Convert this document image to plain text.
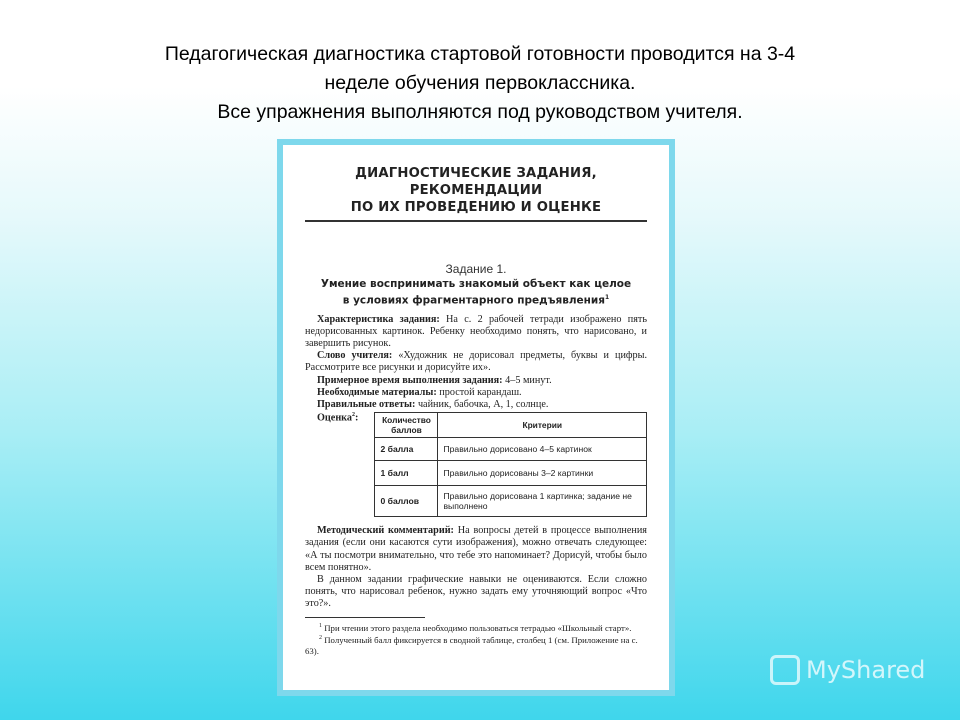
Педагогическая диагностика стартовой готовности проводится на 3-4
неделе обучения первоклассника.
Все упражнения выполняются под руководством учителя.
ДИАГНОСТИЧЕСКИЕ ЗАДАНИЯ,
РЕКОМЕНДАЦИИ
ПО ИХ ПРОВЕДЕНИЮ И ОЦЕНКЕ
Задание 1.
Умение воспринимать знакомый объект как целое
в условиях фрагментарного предъявления$^1$

Характеристика задания: На с. 2 рабочей тетради изображено пять недорисованных картинок. Ребенку необходимо понять, что нарисовано, и завершить рисунок.

Слово учителя: «Художник не дорисовал предметы, буквы и цифры. Рассмотрите все рисунки и дорисуйте их».

Примерное время выполнения задания: 4–5 минут.

Необходимые материалы: простой карандаш.

Правильные ответы: чайник, бабочка, А, 1, солнце.

Оценка$^2$:	Количество баллов	Критерии
2 балла	Правильно дорисовано 4–5 картинок
1 балл	Правильно дорисованы 3–2 картинки
0 баллов	Правильно дорисована 1 картинка; задание не выполнено

Методический комментарий: На вопросы детей в процессе выполнения задания (если они касаются сути изображения), можно отвечать следующее: «А ты посмотри внимательно, что тебе это напоминает? Дорисуй, чтобы было всем понятно».

В данном задании графические навыки не оцениваются. Если сложно понять, что нарисовал ребенок, нужно задать ему уточняющий вопрос «Что это?».

$^1$ При чтении этого раздела необходимо пользоваться тетрадью «Школьный старт».

$^2$ Полученный балл фиксируется в сводной таблице, столбец 1 (см. Приложение на с. 63).

MyShared
